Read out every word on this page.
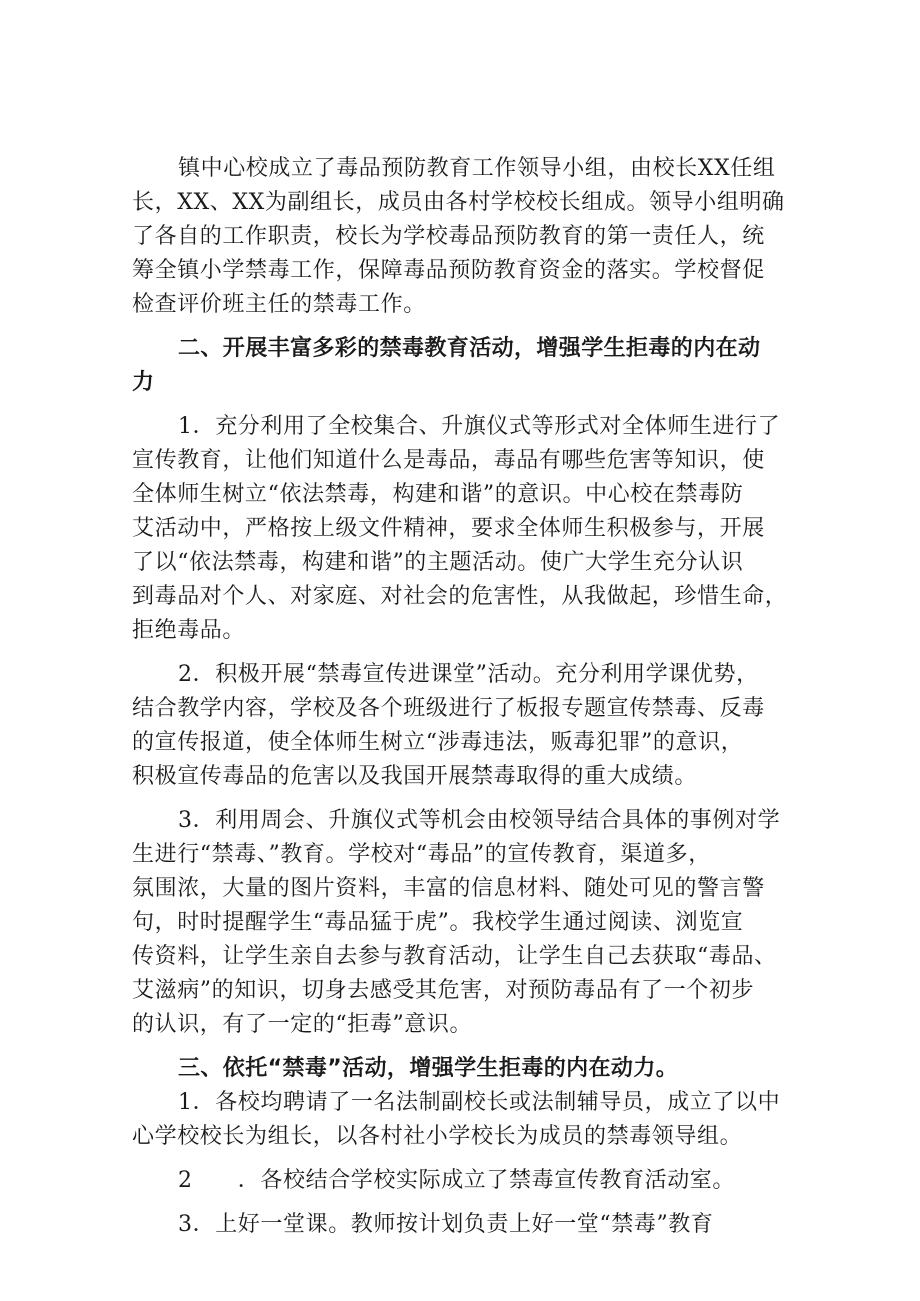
镇中心校成立了毒品预防教育工作领导小组，由校长XX任组
长，XX、XX为副组长，成员由各村学校校长组成。领导小组明确
了各自的工作职责，校长为学校毒品预防教育的第一责任人，统
筹全镇小学禁毒工作，保障毒品预防教育资金的落实。学校督促
检查评价班主任的禁毒工作。
二、开展丰富多彩的禁毒教育活动，增强学生拒毒的内在动
力
1．充分利用了全校集合、升旗仪式等形式对全体师生进行了
宣传教育，让他们知道什么是毒品，毒品有哪些危害等知识，使
全体师生树立“依法禁毒，构建和谐”的意识。中心校在禁毒防
艾活动中，严格按上级文件精神，要求全体师生积极参与，开展
了以“依法禁毒，构建和谐”的主题活动。使广大学生充分认识
到毒品对个人、对家庭、对社会的危害性，从我做起，珍惜生命，
拒绝毒品。
2．积极开展“禁毒宣传进课堂”活动。充分利用学课优势，
结合教学内容，学校及各个班级进行了板报专题宣传禁毒、反毒
的宣传报道，使全体师生树立“涉毒违法，贩毒犯罪”的意识，
积极宣传毒品的危害以及我国开展禁毒取得的重大成绩。
3．利用周会、升旗仪式等机会由校领导结合具体的事例对学
生进行“禁毒、”教育。学校对“毒品”的宣传教育，渠道多，
氛围浓，大量的图片资料，丰富的信息材料、随处可见的警言警
句，时时提醒学生“毒品猛于虎”。我校学生通过阅读、浏览宣
传资料，让学生亲自去参与教育活动，让学生自己去获取“毒品、
艾滋病”的知识，切身去感受其危害，对预防毒品有了一个初步
的认识，有了一定的“拒毒”意识。
三、依托“禁毒”活动，增强学生拒毒的内在动力。
1．各校均聘请了一名法制副校长或法制辅导员，成立了以中
心学校校长为组长，以各村社小学校长为成员的禁毒领导组。
2　　．各校结合学校实际成立了禁毒宣传教育活动室。
3．上好一堂课。教师按计划负责上好一堂“禁毒”教育
